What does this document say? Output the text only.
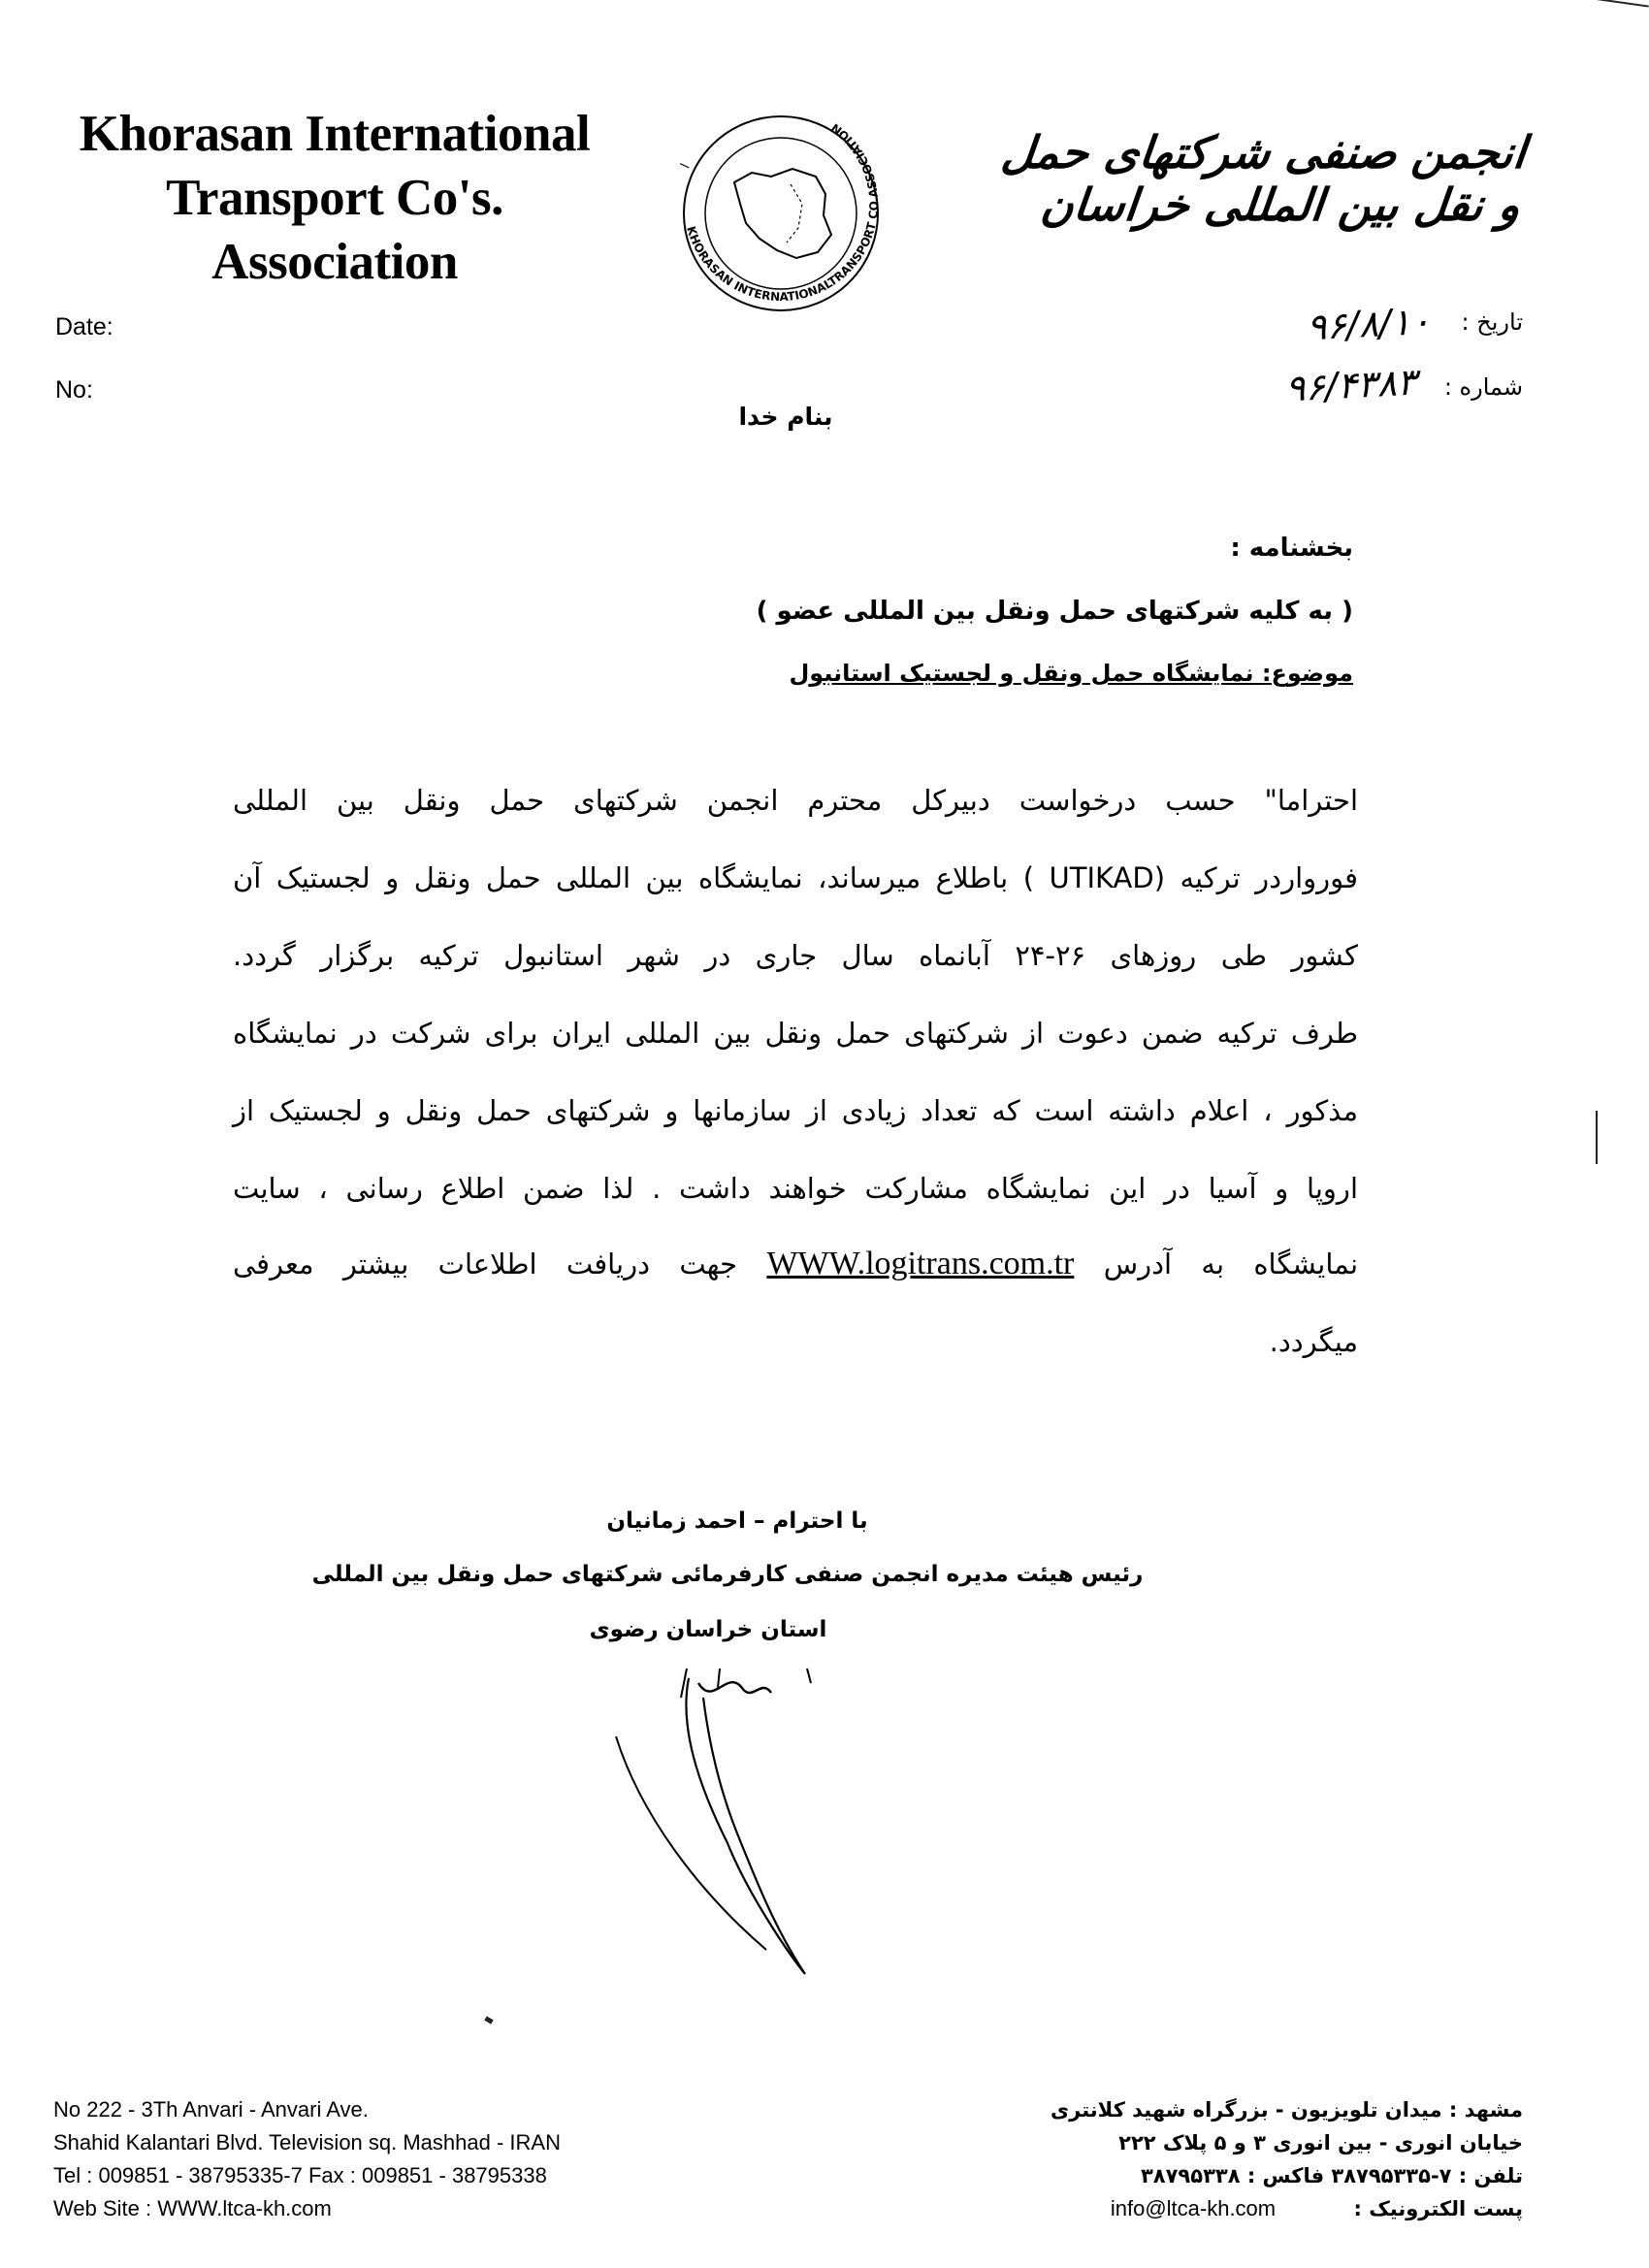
Khorasan International
Transport Co's. Association
KHORASAN INTERNATIONALTRANSPORT CO.ASSOCIATION
ا	انجمن صنفی شرکتهای حمل و نقل بین المللی خراسان
Date:
No:
تاریخ :
شماره :
۹۶/۸/۱۰
۹۶/۴۳۸۳
بنام خدا
بخشنامه :
( به کلیه شرکتهای حمل ونقل بین المللی عضو )
موضوع: نمایشگاه حمل ونقل و لجستیک استانبول
احتراما" حسب درخواست دبیرکل محترم انجمن شرکتهای حمل ونقل بین المللی
فورواردر ترکیه (UTIKAD ) باطلاع میرساند، نمایشگاه بین المللی حمل ونقل و لجستیک آن
کشور طی روزهای ۲۶-۲۴ آبانماه سال جاری در شهر استانبول ترکیه برگزار گردد.
طرف ترکیه ضمن دعوت از شرکتهای حمل ونقل بین المللی ایران برای شرکت در نمایشگاه
مذکور ، اعلام داشته است که تعداد زیادی از سازمانها و شرکتهای حمل ونقل و لجستیک از
اروپا و آسیا در این نمایشگاه مشارکت خواهند داشت . لذا ضمن اطلاع رسانی ، سایت
نمایشگاه به آدرس WWW.logitrans.com.tr جهت دریافت اطلاعات بیشتر معرفی
میگردد.
با احترام – احمد زمانیان
رئیس هیئت مدیره انجمن صنفی کارفرمائی شرکتهای حمل ونقل بین المللی
استان خراسان رضوی
No 222 - 3Th Anvari - Anvari Ave.
Shahid Kalantari Blvd. Television sq. Mashhad - IRAN
Tel : 009851 - 38795335-7 Fax : 009851 - 38795338
Web Site : WWW.ltca-kh.com
مشهد : میدان تلویزیون - بزرگراه شهید کلانتری
خیابان انوری - بین انوری ۳ و ۵ پلاک ۲۲۲
تلفن : ۷-۳۸۷۹۵۳۳۵ فاکس : ۳۸۷۹۵۳۳۸
پست الکترونیک :           info@ltca-kh.com
